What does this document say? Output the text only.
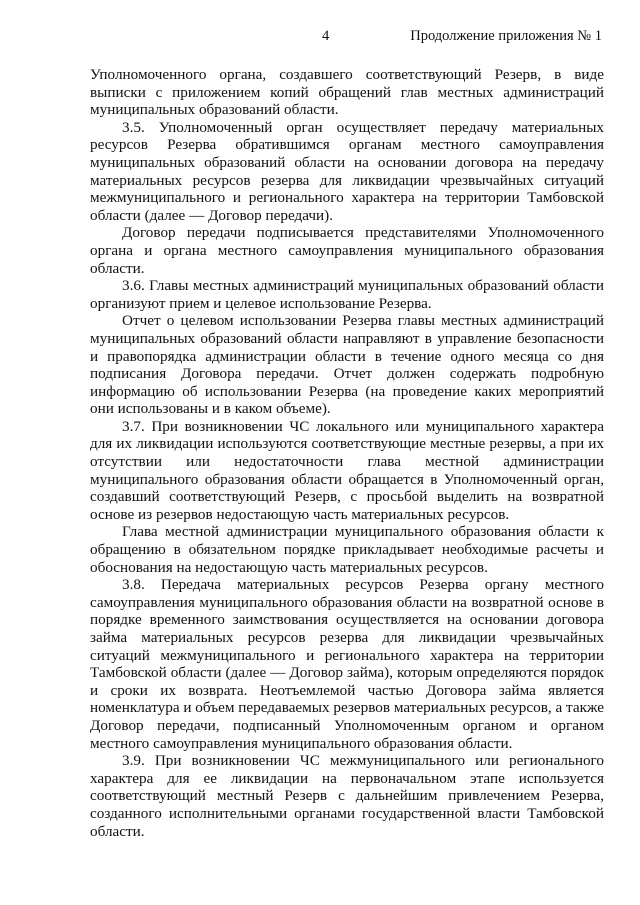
4	Продолжение приложения № 1

Уполномоченного органа, создавшего соответствующий Резерв, в виде выписки с приложением копий обращений глав местных администраций муниципальных образований области.

3.5. Уполномоченный орган осуществляет передачу материальных ресурсов Резерва обратившимся органам местного самоуправления муниципальных образований области на основании договора на передачу материальных ресурсов резерва для ликвидации чрезвычайных ситуаций межмуниципального и регионального характера на территории Тамбовской области (далее — Договор передачи).

Договор передачи подписывается представителями Уполномоченного органа и органа местного самоуправления муниципального образования области.

3.6. Главы местных администраций муниципальных образований области организуют прием и целевое использование Резерва.

Отчет о целевом использовании Резерва главы местных администраций муниципальных образований области направляют в управление безопасности и правопорядка администрации области в течение одного месяца со дня подписания Договора передачи. Отчет должен содержать подробную информацию об использовании Резерва (на проведение каких мероприятий они использованы и в каком объеме).

3.7. При возникновении ЧС локального или муниципального характера для их ликвидации используются соответствующие местные резервы, а при их отсутствии или недостаточности глава местной администрации муниципального образования области обращается в Уполномоченный орган, создавший соответствующий Резерв, с просьбой выделить на возвратной основе из резервов недостающую часть материальных ресурсов.

Глава местной администрации муниципального образования области к обращению в обязательном порядке прикладывает необходимые расчеты и обоснования на недостающую часть материальных ресурсов.

3.8. Передача материальных ресурсов Резерва органу местного самоуправления муниципального образования области на возвратной основе в порядке временного заимствования осуществляется на основании договора займа материальных ресурсов резерва для ликвидации чрезвычайных ситуаций межмуниципального и регионального характера на территории Тамбовской области (далее — Договор займа), которым определяются порядок и сроки их возврата. Неотъемлемой частью Договора займа является номенклатура и объем передаваемых резервов материальных ресурсов, а также Договор передачи, подписанный Уполномоченным органом и органом местного самоуправления муниципального образования области.

3.9. При возникновении ЧС межмуниципального или регионального характера для ее ликвидации на первоначальном этапе используется соответствующий местный Резерв с дальнейшим привлечением Резерва, созданного исполнительными органами государственной власти Тамбовской области.
